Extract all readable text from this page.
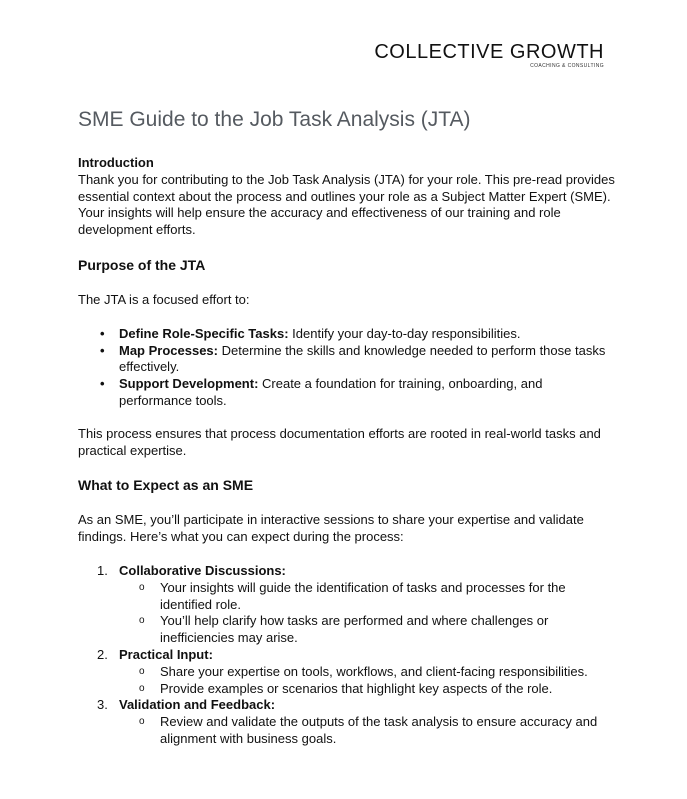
COLLECTIVE GROWTH
COACHING & CONSULTING
SME Guide to the Job Task Analysis (JTA)

Introduction

Thank you for contributing to the Job Task Analysis (JTA) for your role. This pre-read provides essential context about the process and outlines your role as a Subject Matter Expert (SME). Your insights will help ensure the accuracy and effectiveness of our training and role development efforts.

Purpose of the JTA

The JTA is a focused effort to:

• Define Role-Specific Tasks: Identify your day-to-day responsibilities.
• Map Processes: Determine the skills and knowledge needed to perform those tasks effectively.
• Support Development: Create a foundation for training, onboarding, and performance tools.

This process ensures that process documentation efforts are rooted in real-world tasks and practical expertise.

What to Expect as an SME

As an SME, you’ll participate in interactive sessions to share your expertise and validate findings. Here’s what you can expect during the process:

1. Collaborative Discussions:
o Your insights will guide the identification of tasks and processes for the identified role.
o You’ll help clarify how tasks are performed and where challenges or inefficiencies may arise.
2. Practical Input:
o Share your expertise on tools, workflows, and client-facing responsibilities.
o Provide examples or scenarios that highlight key aspects of the role.
3. Validation and Feedback:
o Review and validate the outputs of the task analysis to ensure accuracy and alignment with business goals.
